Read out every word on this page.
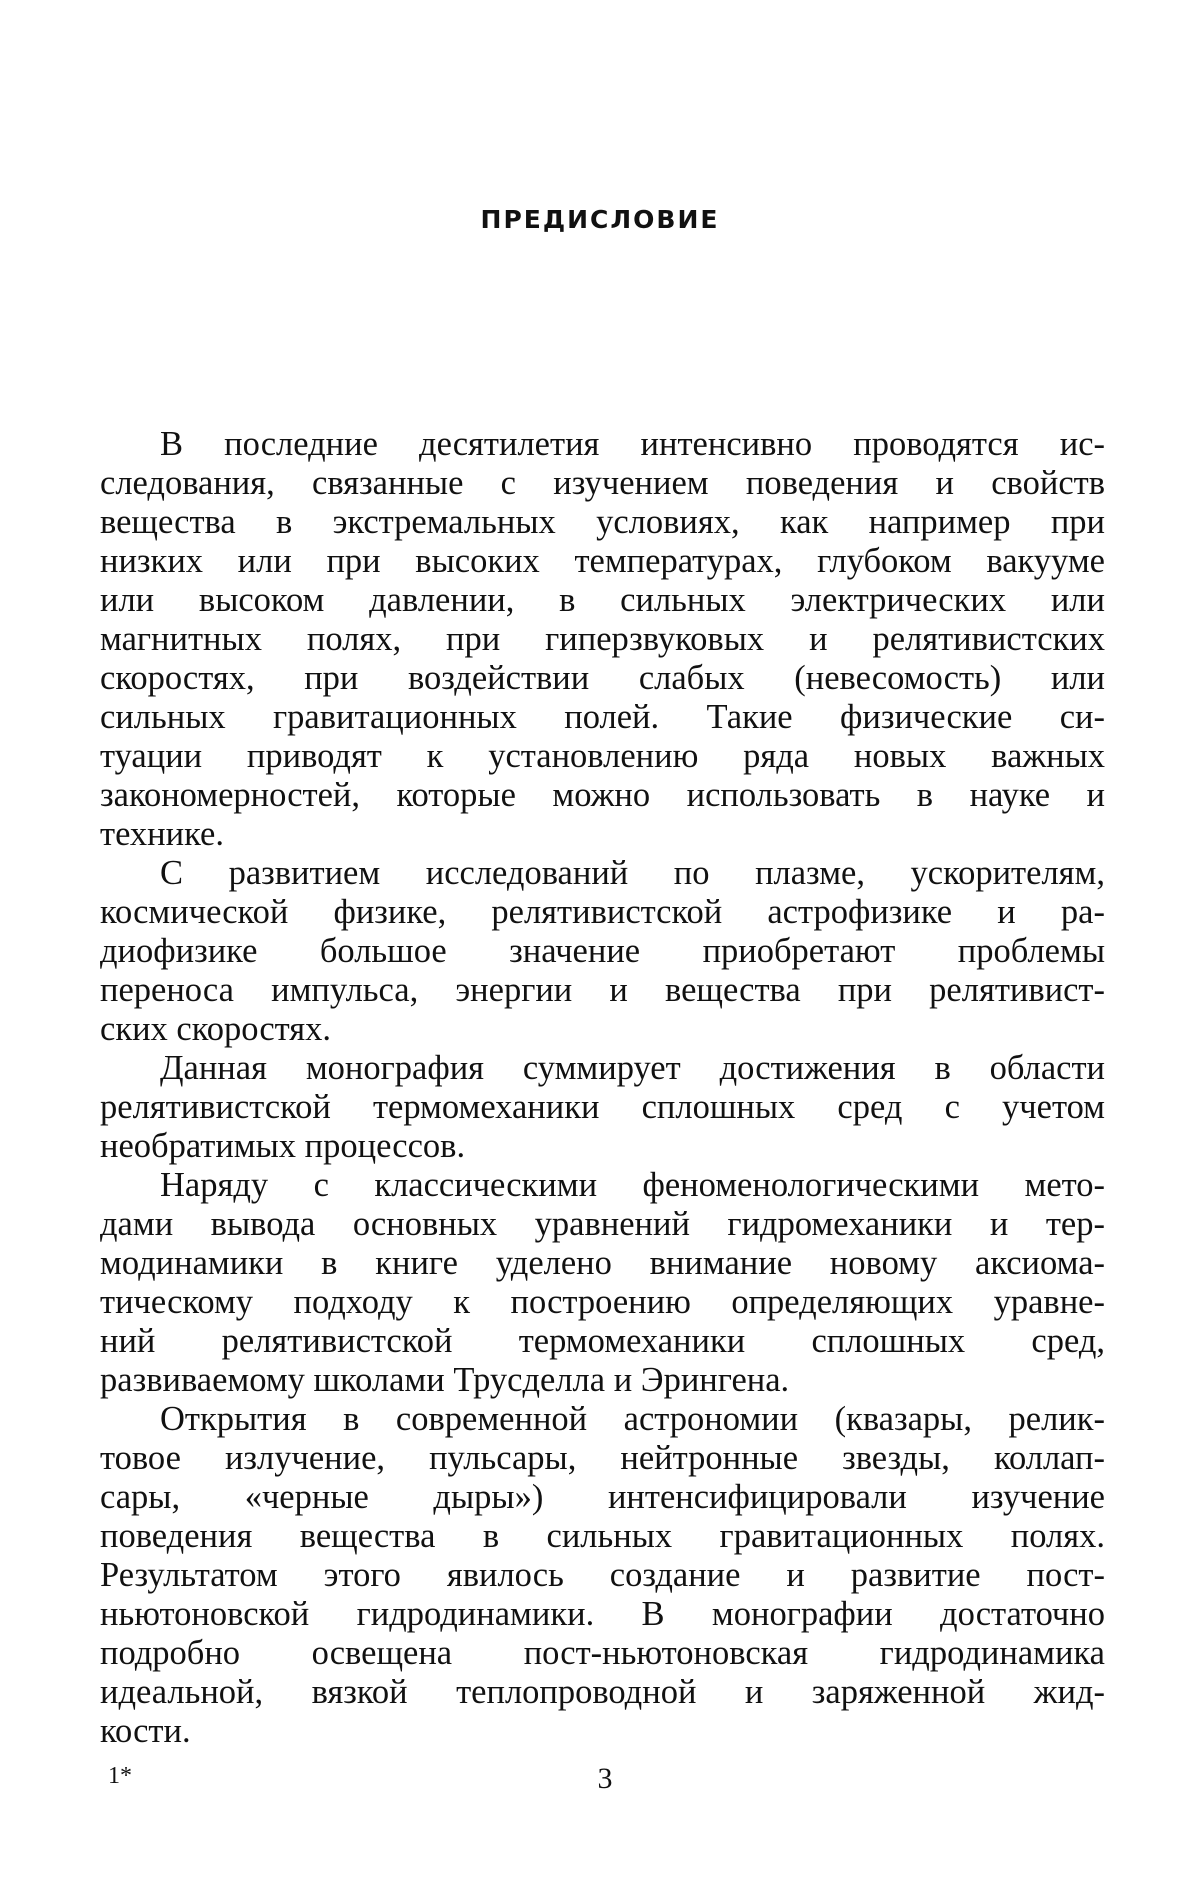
ПРЕДИСЛОВИЕ
В последние десятилетия интенсивно проводятся ис-
следования, связанные с изучением поведения и свойств
вещества в экстремальных условиях, как например при
низких или при высоких температурах, глубоком вакууме
или высоком давлении, в сильных электрических или
магнитных полях, при гиперзвуковых и релятивистских
скоростях, при воздействии слабых (невесомость) или
сильных гравитационных полей. Такие физические си-
туации приводят к установлению ряда новых важных
закономерностей, которые можно использовать в науке и
технике.
С развитием исследований по плазме, ускорителям,
космической физике, релятивистской астрофизике и ра-
диофизике большое значение приобретают проблемы
переноса импульса, энергии и вещества при релятивист-
ских скоростях.
Данная монография суммирует достижения в области
релятивистской термомеханики сплошных сред с учетом
необратимых процессов.
Наряду с классическими феноменологическими мето-
дами вывода основных уравнений гидромеханики и тер-
модинамики в книге уделено внимание новому аксиома-
тическому подходу к построению определяющих уравне-
ний релятивистской термомеханики сплошных сред,
развиваемому школами Трусделла и Эрингена.
Открытия в современной астрономии (квазары, релик-
товое излучение, пульсары, нейтронные звезды, коллап-
сары, «черные дыры») интенсифицировали изучение
поведения вещества в сильных гравитационных полях.
Результатом этого явилось создание и развитие пост-
ньютоновской гидродинамики. В монографии достаточно
подробно освещена пост-ньютоновская гидродинамика
идеальной, вязкой теплопроводной и заряженной жид-
кости.
1*	3
